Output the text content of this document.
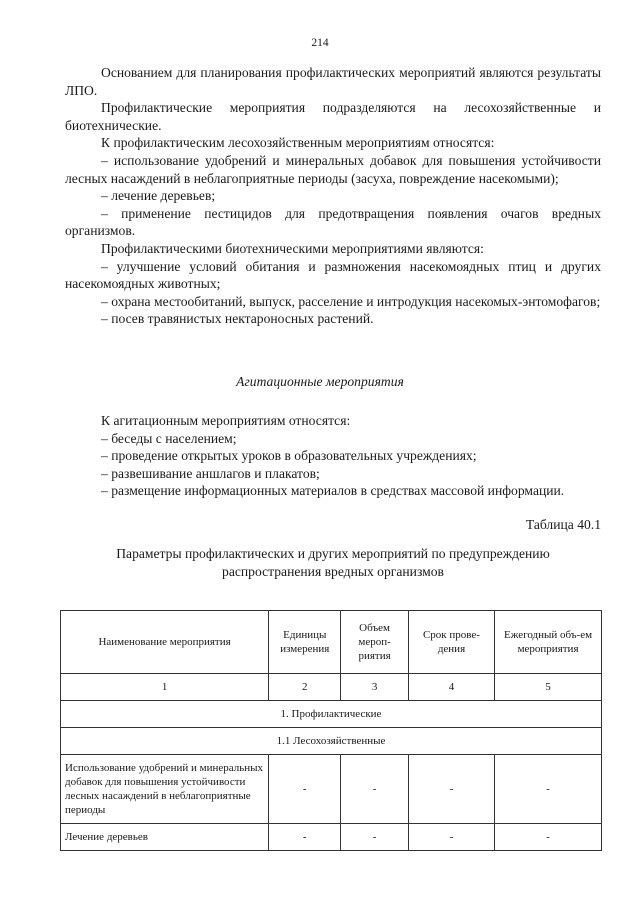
214

Основанием для планирования профилактических мероприятий являются результаты ЛПО.

Профилактические мероприятия подразделяются на лесохозяйственные и биотехнические.

К профилактическим лесохозяйственным мероприятиям относятся:

– использование удобрений и минеральных добавок для повышения устойчивости лесных насаждений в неблагоприятные периоды (засуха, повреждение насекомыми);

– лечение деревьев;

– применение пестицидов для предотвращения появления очагов вредных организмов.

Профилактическими биотехническими мероприятиями являются:

– улучшение условий обитания и размножения насекомоядных птиц и других насекомоядных животных;

– охрана местообитаний, выпуск, расселение и интродукция насекомых-энтомофагов;

– посев травянистых нектароносных растений.

Агитационные мероприятия

К агитационным мероприятиям относятся:

– беседы с населением;

– проведение открытых уроков в образовательных учреждениях;

– развешивание аншлагов и плакатов;

– размещение информационных материалов в средствах массовой информации.

Таблица 40.1
Параметры профилактических и других мероприятий по предупреждению распространения вредных организмов
Наименование мероприятия	Единицы измерения	Объем мероп-риятия	Срок прове-дения	Ежегодный объ-ем мероприятия
1	2	3	4	5
1. Профилактические				
1.1 Лесохозяйственные				
Использование удобрений и минеральных добавок для повышения устойчивости лесных насаждений в неблагоприятные периоды	-	-	-	-
Лечение деревьев	-	-	-	-
